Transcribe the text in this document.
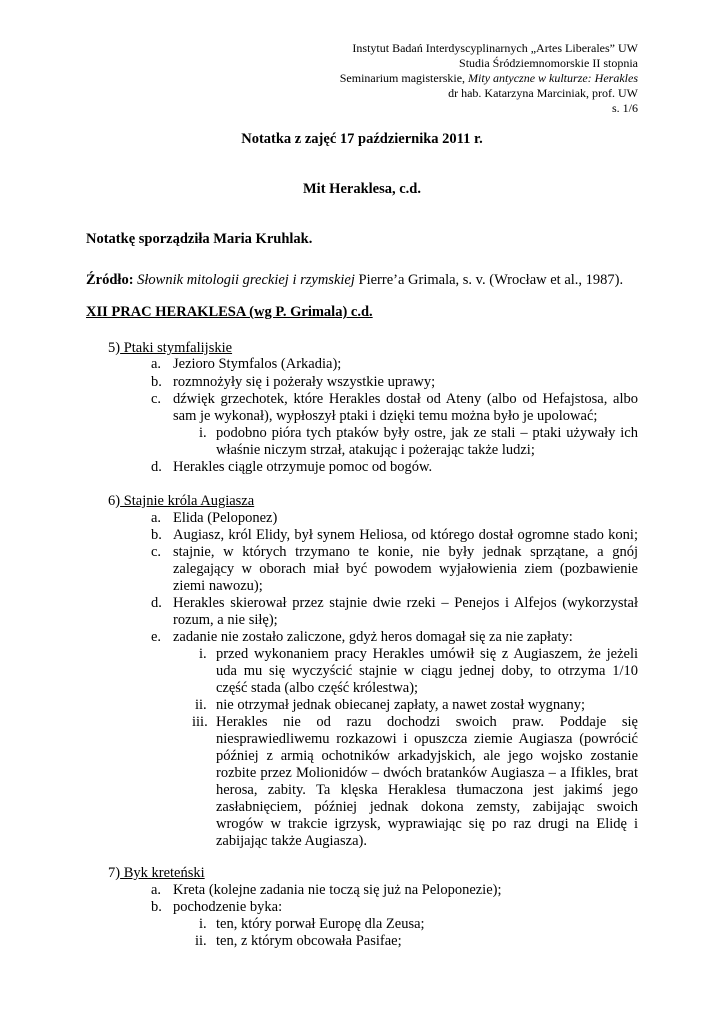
Instytut Badań Interdyscyplinarnych „Artes Liberales” UW
Studia Śródziemnomorskie II stopnia
Seminarium magisterskie, Mity antyczne w kulturze: Herakles
dr hab. Katarzyna Marciniak, prof. UW
s. 1/6
Notatka z zajęć 17 października 2011 r.
Mit Heraklesa, c.d.
Notatkę sporządziła Maria Kruhlak.
Źródło: Słownik mitologii greckiej i rzymskiej Pierre’a Grimala, s. v. (Wrocław et al., 1987).
XII PRAC HERAKLESA (wg P. Grimala) c.d.
5) Ptaki stymfalijskie
a. Jezioro Stymfalos (Arkadia);
b. rozmnożyły się i pożerały wszystkie uprawy;
c. dźwięk grzechotek, które Herakles dostał od Ateny (albo od Hefajstosa, albo
sam je wykonał), wypłoszył ptaki i dzięki temu można było je upolować;
i. podobno pióra tych ptaków były ostre, jak ze stali – ptaki używały ich
właśnie niczym strzał, atakując i pożerając także ludzi;
d. Herakles ciągle otrzymuje pomoc od bogów.
6) Stajnie króla Augiasza
a. Elida (Peloponez)
b. Augiasz, król Elidy, był synem Heliosa, od którego dostał ogromne stado koni;
c. stajnie, w których trzymano te konie, nie były jednak sprzątane, a gnój
zalegający w oborach miał być powodem wyjałowienia ziem (pozbawienie
ziemi nawozu);
d. Herakles skierował przez stajnie dwie rzeki – Penejos i Alfejos (wykorzystał
rozum, a nie siłę);
e. zadanie nie zostało zaliczone, gdyż heros domagał się za nie zapłaty:
i. przed wykonaniem pracy Herakles umówił się z Augiaszem, że jeżeli
uda mu się wyczyścić stajnie w ciągu jednej doby, to otrzyma 1/10
część stada (albo część królestwa);
ii. nie otrzymał jednak obiecanej zapłaty, a nawet został wygnany;
iii. Herakles nie od razu dochodzi swoich praw. Poddaje się
niesprawiedliwemu rozkazowi i opuszcza ziemie Augiasza (powrócić
później z armią ochotników arkadyjskich, ale jego wojsko zostanie
rozbite przez Molionidów – dwóch bratanków Augiasza – a Ifikles, brat
herosa, zabity. Ta klęska Heraklesa tłumaczona jest jakimś jego
zasłabnięciem, później jednak dokona zemsty, zabijając swoich
wrogów w trakcie igrzysk, wyprawiając się po raz drugi na Elidę i
zabijając także Augiasza).
7) Byk kreteński
a. Kreta (kolejne zadania nie toczą się już na Peloponezie);
b. pochodzenie byka:
i. ten, który porwał Europę dla Zeusa;
ii. ten, z którym obcowała Pasifae;
